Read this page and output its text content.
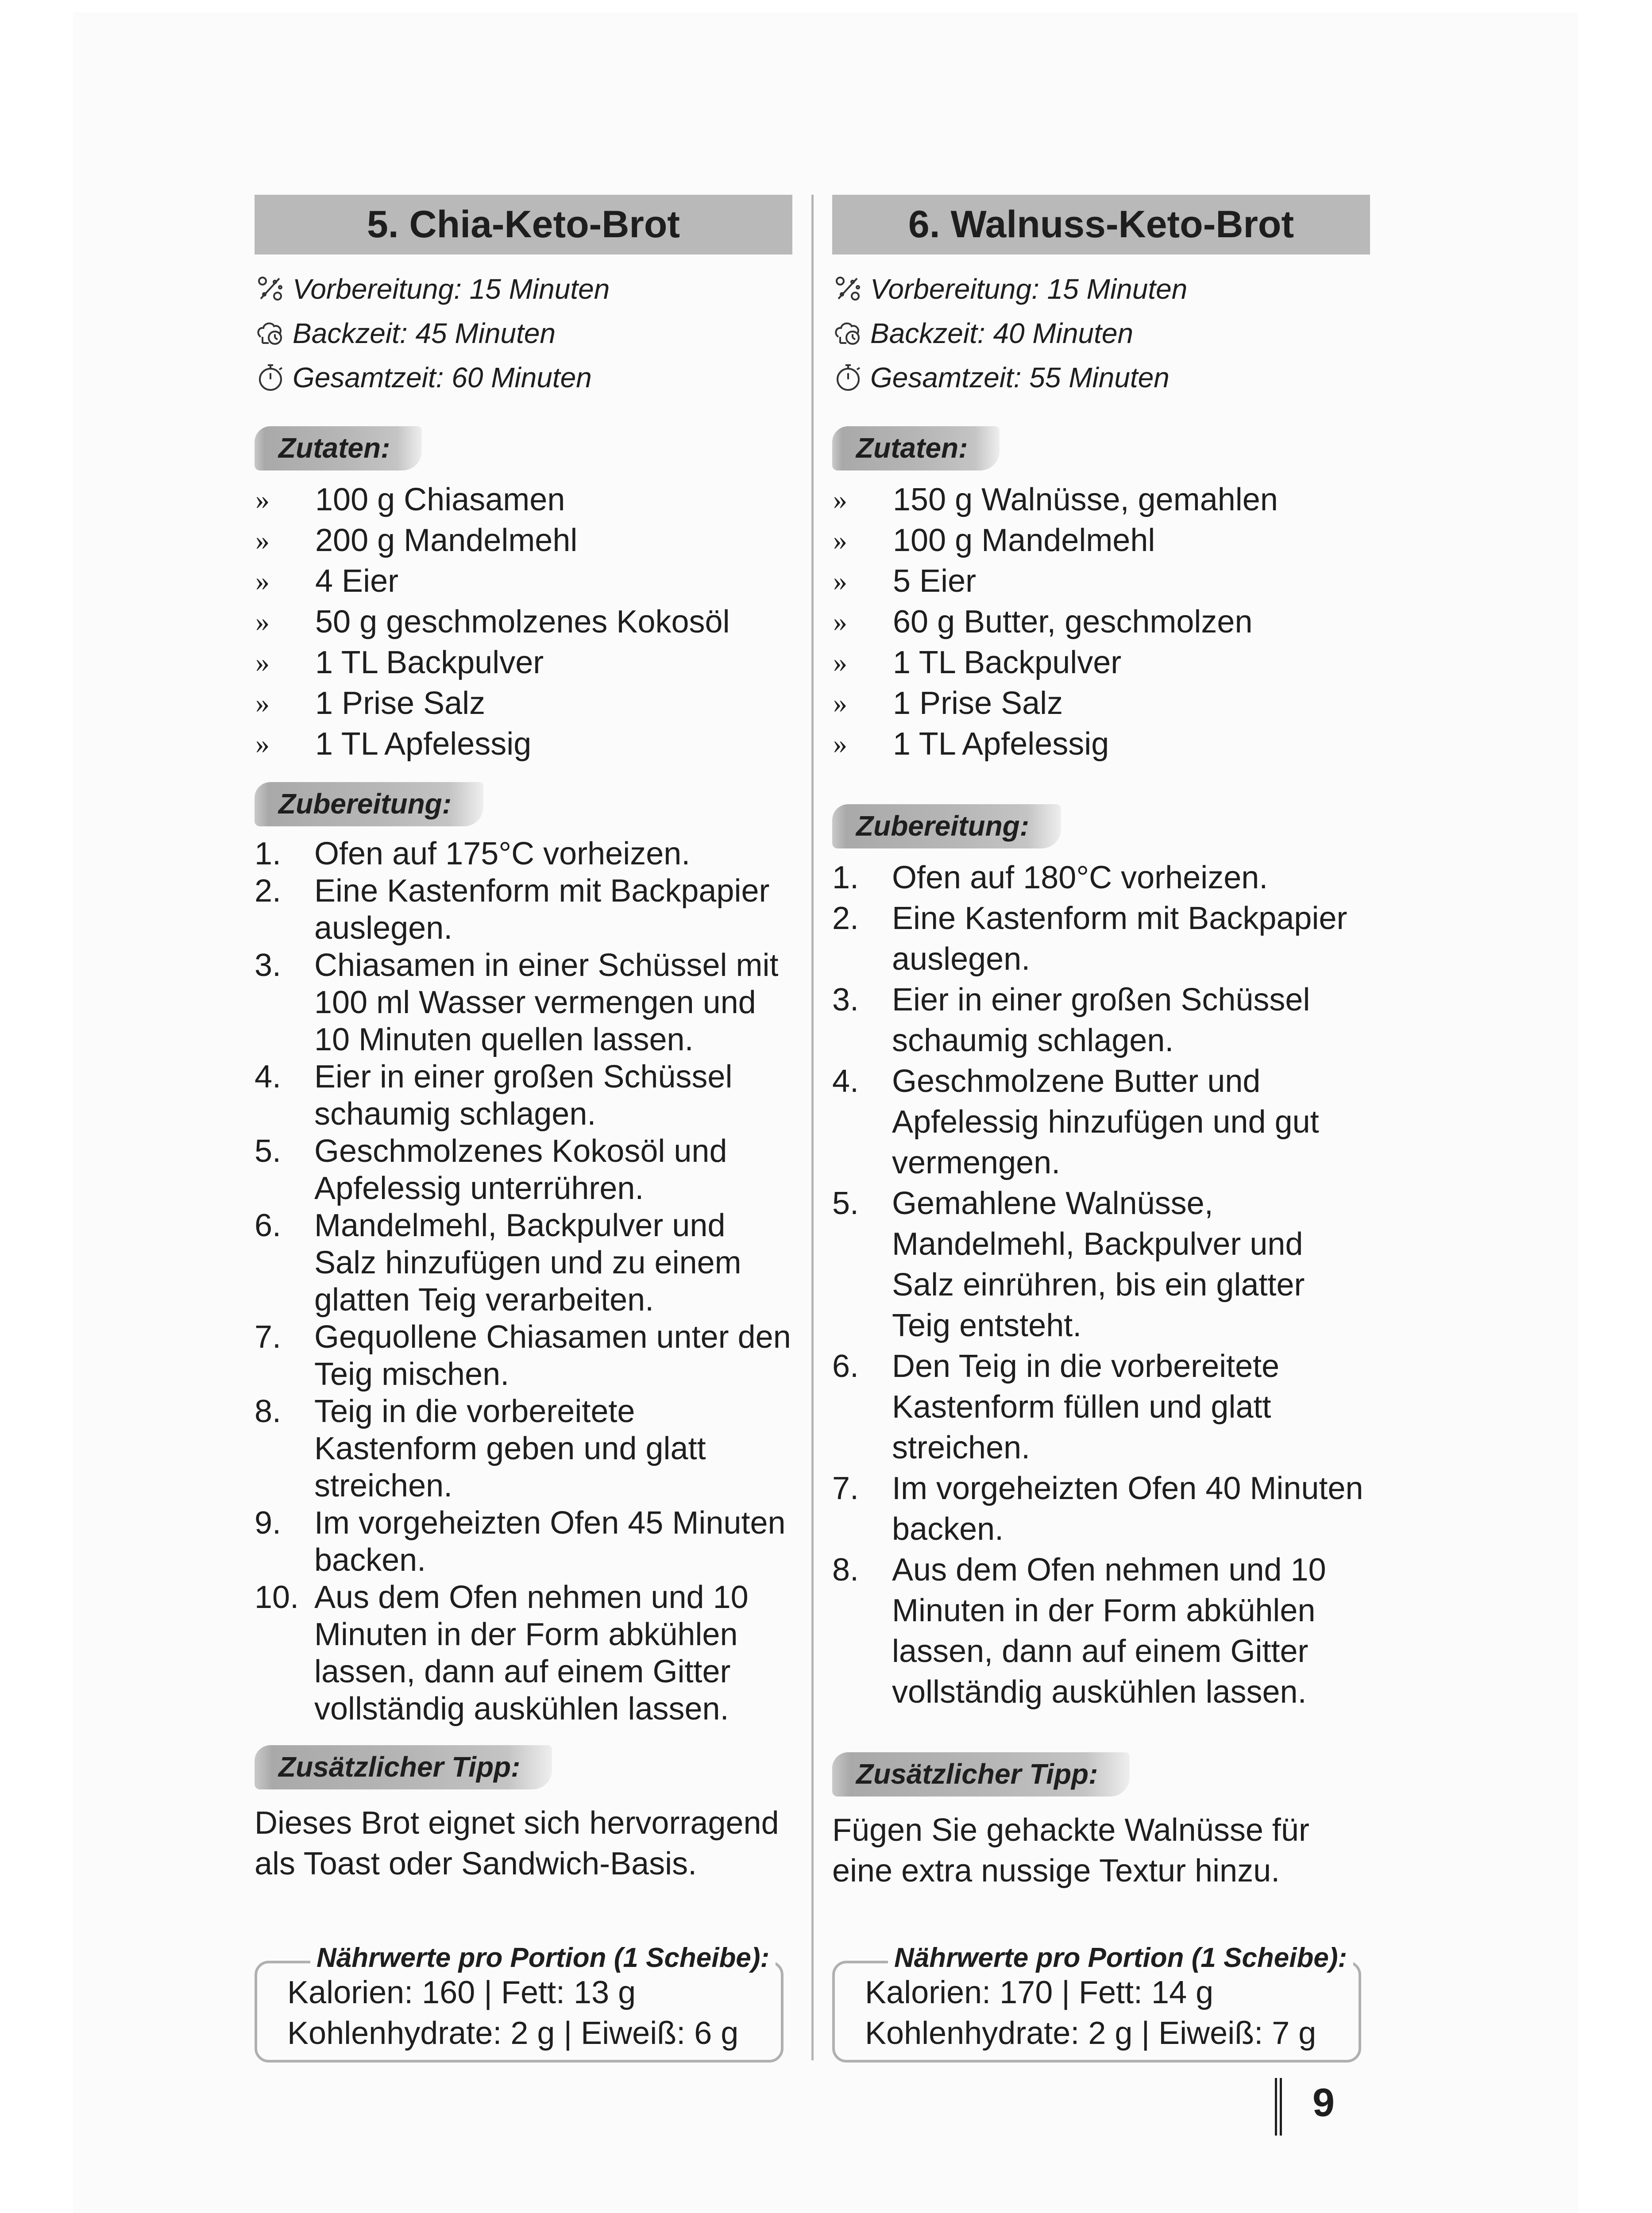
5. Chia-Keto-Brot
Vorbereitung: 15 Minuten
Backzeit: 45 Minuten
Gesamtzeit: 60 Minuten
Zutaten:
»	100 g Chiasamen
»	200 g Mandelmehl
»	4 Eier
»	50 g geschmolzenes Kokosöl
»	1 TL Backpulver
»	1 Prise Salz
»	1 TL Apfelessig
Zubereitung:
1.	Ofen auf 175°C vorheizen.
2.	Eine Kastenform mit Backpapier auslegen.
3.	Chiasamen in einer Schüssel mit 100 ml Wasser vermengen und 10 Minuten quellen lassen.
4.	Eier in einer großen Schüssel schaumig schlagen.
5.	Geschmolzenes Kokosöl und Apfelessig unterrühren.
6.	Mandelmehl, Backpulver und Salz hinzufügen und zu einem glatten Teig verarbeiten.
7.	Gequollene Chiasamen unter den Teig mischen.
8.	Teig in die vorbereitete Kastenform geben und glatt streichen.
9.	Im vorgeheizten Ofen 45 Minuten backen.
10. Aus dem Ofen nehmen und 10 Minuten in der Form abkühlen lassen, dann auf einem Gitter vollständig auskühlen lassen.
Zusätzlicher Tipp:
Dieses Brot eignet sich hervorragend als Toast oder Sandwich-Basis.
6. Walnuss-Keto-Brot
Vorbereitung: 15 Minuten
Backzeit: 40 Minuten
Gesamtzeit: 55 Minuten
Zutaten:
»	150 g Walnüsse, gemahlen
»	100 g Mandelmehl
»	5 Eier
»	60 g Butter, geschmolzen
»	1 TL Backpulver
»	1 Prise Salz
»	1 TL Apfelessig
Zubereitung:
1.	Ofen auf 180°C vorheizen.
2.	Eine Kastenform mit Backpapier auslegen.
3.	Eier in einer großen Schüssel schaumig schlagen.
4.	Geschmolzene Butter und Apfelessig hinzufügen und gut vermengen.
5.	Gemahlene Walnüsse, Mandelmehl, Backpulver und Salz einrühren, bis ein glatter Teig entsteht.
6.	Den Teig in die vorbereitete Kastenform füllen und glatt streichen.
7.	Im vorgeheizten Ofen 40 Minuten backen.
8.	Aus dem Ofen nehmen und 10 Minuten in der Form abkühlen lassen, dann auf einem Gitter vollständig auskühlen lassen.
Zusätzlicher Tipp:
Fügen Sie gehackte Walnüsse für eine extra nussige Textur hinzu.
Nährwerte pro Portion (1 Scheibe):
Kalorien: 160 | Fett: 13 g
Kohlenhydrate: 2 g | Eiweiß: 6 g
Nährwerte pro Portion (1 Scheibe):
Kalorien: 170 | Fett: 14 g
Kohlenhydrate: 2 g | Eiweiß: 7 g
9
